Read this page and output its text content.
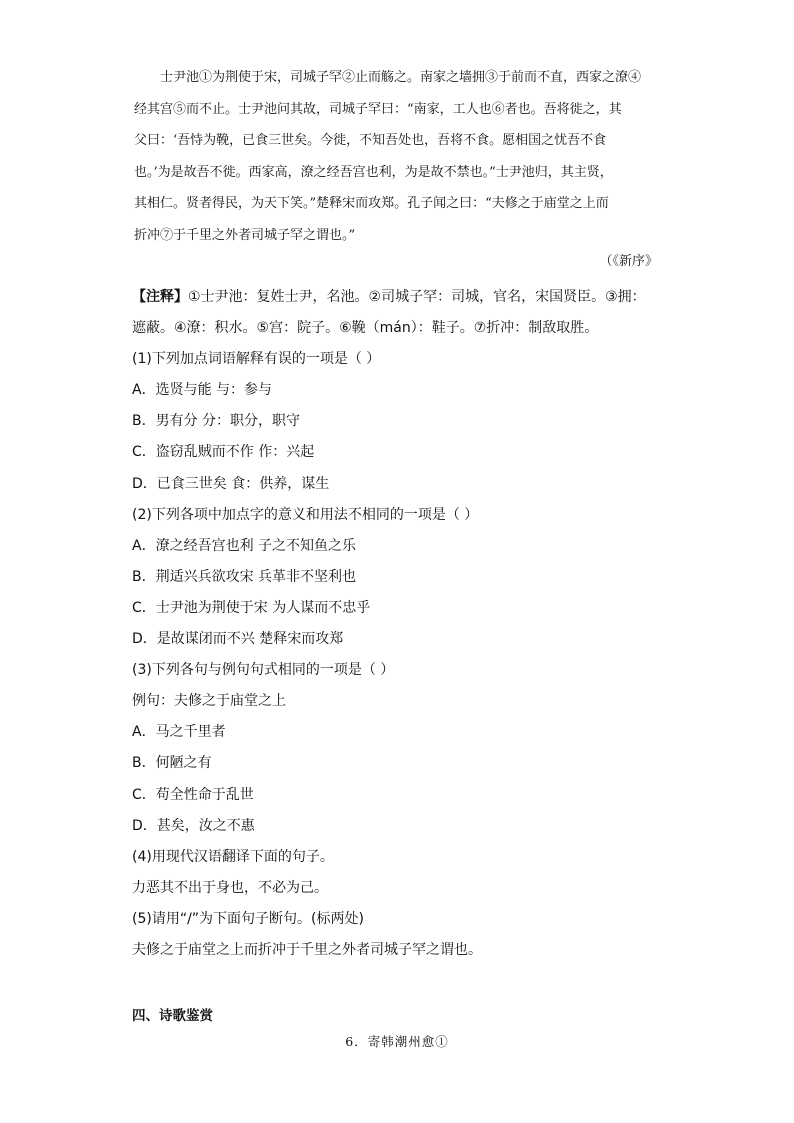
士尹池①为荆使于宋，司城子罕②止而觞之。南家之墙拥③于前而不直，西家之潦④

经其宫⑤而不止。士尹池问其故，司城子罕曰：“南家，工人也⑥者也。吾将徙之，其

父曰：‘吾恃为鞔，已食三世矣。今徙，不知吾处也，吾将不食。愿相国之忧吾不食

也。’为是故吾不徙。西家高，潦之经吾宫也利，为是故不禁也。”士尹池归，其主贤，

其相仁。贤者得民，为天下笑。”楚释宋而攻郑。孔子闻之曰：“夫修之于庙堂之上而

折冲⑦于千里之外者司城子罕之谓也。”

（《新序》
【注释】①士尹池：复姓士尹，名池。②司城子罕：司城，官名，宋国贤臣。③拥：
遮蔽。④潦：积水。⑤宫：院子。⑥鞔（mán）：鞋子。⑦折冲：制敌取胜。
(1)下列加点词语解释有误的一项是（ ）
A．选贤与能 与：参与
B．男有分 分：职分，职守
C．盗窃乱贼而不作 作：兴起
D．已食三世矣 食：供养，谋生
(2)下列各项中加点字的意义和用法不相同的一项是（ ）
A．潦之经吾宫也利 子之不知鱼之乐
B．荆适兴兵欲攻宋 兵革非不坚利也
C．士尹池为荆使于宋 为人谋而不忠乎
D．是故谋闭而不兴 楚释宋而攻郑
(3)下列各句与例句句式相同的一项是（ ）
例句：夫修之于庙堂之上
A．马之千里者
B．何陋之有
C．苟全性命于乱世
D．甚矣，汝之不惠
(4)用现代汉语翻译下面的句子。
力恶其不出于身也，不必为己。
(5)请用“/”为下面句子断句。(标两处)
夫修之于庙堂之上而折冲于千里之外者司城子罕之谓也。
四、诗歌鉴赏
6．寄韩潮州愈①
